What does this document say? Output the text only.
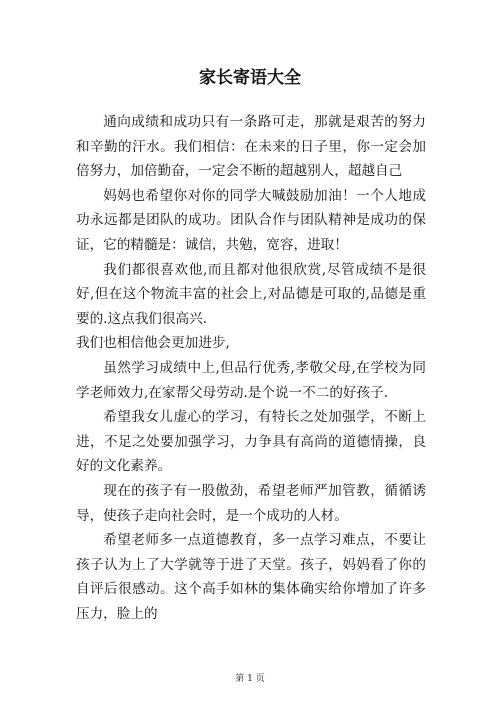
家长寄语大全

通向成绩和成功只有一条路可走，那就是艰苦的努力和辛勤的汗水。我们相信：在未来的日子里，你一定会加倍努力，加倍勤奋，一定会不断的超越别人，超越自己

妈妈也希望你对你的同学大喊鼓励加油！一个人地成功永远都是团队的成功。团队合作与团队精神是成功的保证，它的精髓是：诚信，共勉，宽容，进取！

我们都很喜欢他,而且都对他很欣赏,尽管成绩不是很好,但在这个物流丰富的社会上,对品德是可取的,品德是重要的.这点我们很高兴.

我们也相信他会更加进步,

虽然学习成绩中上,但品行优秀,孝敬父母,在学校为同学老师效力,在家帮父母劳动.是个说一不二的好孩子.

希望我女儿虚心的学习，有特长之处加强学，不断上进，不足之处要加强学习，力争具有高尚的道德情操，良好的文化素养。

现在的孩子有一股傲劲，希望老师严加管教，循循诱导，使孩子走向社会时，是一个成功的人材。

希望老师多一点道德教育，多一点学习难点，不要让孩子认为上了大学就等于进了天堂。孩子，妈妈看了你的自评后很感动。这个高手如林的集体确实给你增加了许多压力，脸上的

第 1 页
